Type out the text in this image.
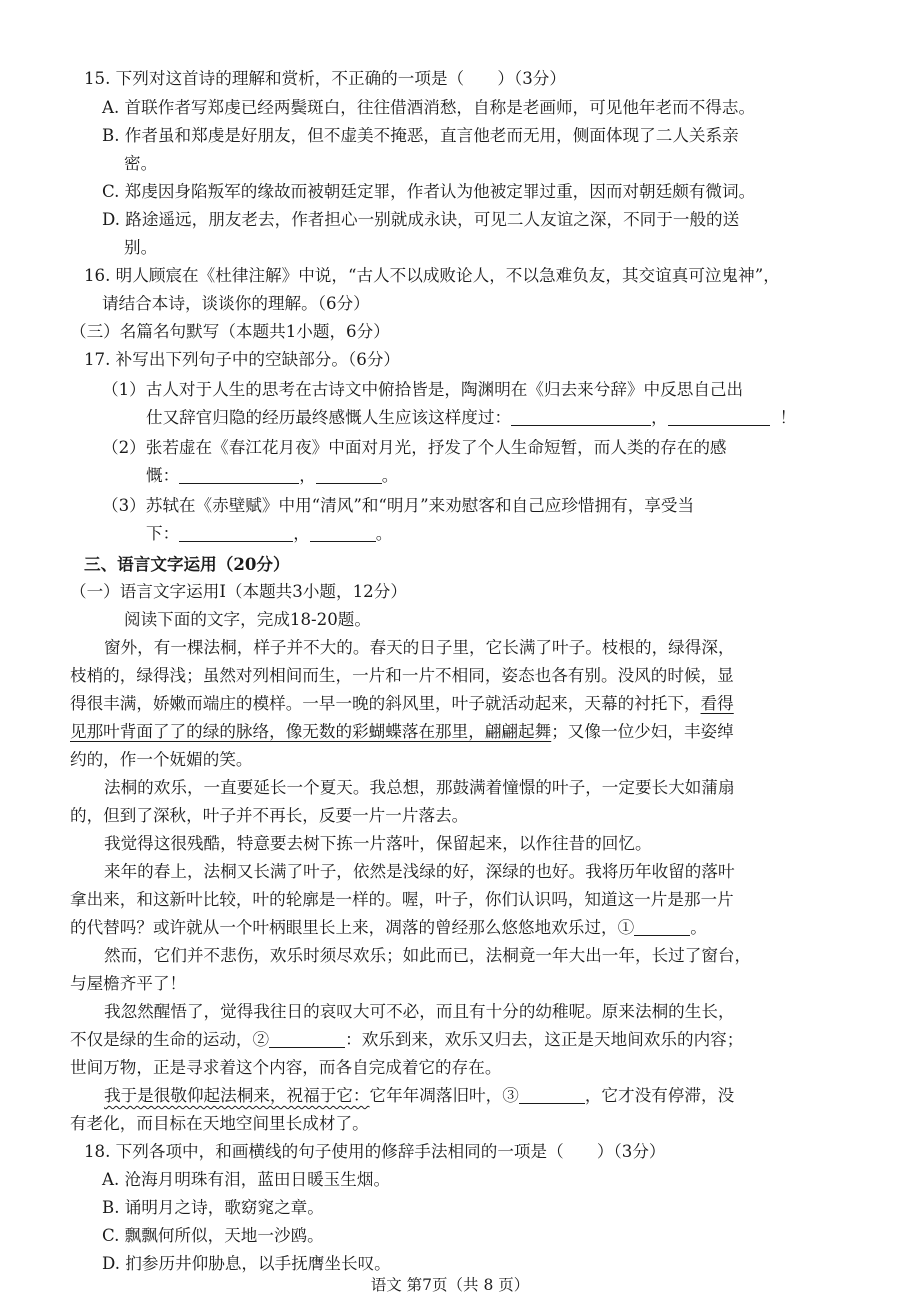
15. 下列对这首诗的理解和赏析，不正确的一项是（　　）（3分）
A. 首联作者写郑虔已经两鬓斑白，往往借酒消愁，自称是老画师，可见他年老而不得志。
B. 作者虽和郑虔是好朋友，但不虚美不掩恶，直言他老而无用，侧面体现了二人关系亲
密。
C. 郑虔因身陷叛军的缘故而被朝廷定罪，作者认为他被定罪过重，因而对朝廷颇有微词。
D. 路途遥远，朋友老去，作者担心一别就成永诀，可见二人友谊之深，不同于一般的送
别。
16. 明人顾宸在《杜律注解》中说，“古人不以成败论人，不以急难负友，其交谊真可泣鬼神”，
请结合本诗，谈谈你的理解。（6分）
（三）名篇名句默写（本题共1小题，6分）
17. 补写出下列句子中的空缺部分。（6分）
（1）古人对于人生的思考在古诗文中俯拾皆是，陶渊明在《归去来兮辞》中反思自己出
仕又辞官归隐的经历最终感慨人生应该这样度过：	，	！
（2）张若虚在《春江花月夜》中面对月光，抒发了个人生命短暂，而人类的存在的感
慨：	，	。
（3）苏轼在《赤壁赋》中用“清风”和“明月”来劝慰客和自己应珍惜拥有，享受当
下：	，	。
三、语言文字运用（20分）
（一）语言文字运用Ⅰ（本题共3小题，12分）
阅读下面的文字，完成18-20题。
窗外，有一棵法桐，样子并不大的。春天的日子里，它长满了叶子。枝根的，绿得深，
枝梢的，绿得浅；虽然对列相间而生，一片和一片不相同，姿态也各有别。没风的时候，显
得很丰满，娇嫩而端庄的模样。一早一晚的斜风里，叶子就活动起来，天幕的衬托下，看得
见那叶背面了了的绿的脉络，像无数的彩蝴蝶落在那里，翩翩起舞；又像一位少妇，丰姿绰
约的，作一个妩媚的笑。
法桐的欢乐，一直要延长一个夏天。我总想，那鼓满着憧憬的叶子，一定要长大如蒲扇
的，但到了深秋，叶子并不再长，反要一片一片落去。
我觉得这很残酷，特意要去树下拣一片落叶，保留起来，以作往昔的回忆。
来年的春上，法桐又长满了叶子，依然是浅绿的好，深绿的也好。我将历年收留的落叶
拿出来，和这新叶比较，叶的轮廓是一样的。喔，叶子，你们认识吗，知道这一片是那一片
的代替吗？或许就从一个叶柄眼里长上来，凋落的曾经那么悠悠地欢乐过，①	。
然而，它们并不悲伤，欢乐时须尽欢乐；如此而已，法桐竟一年大出一年，长过了窗台，
与屋檐齐平了！
我忽然醒悟了，觉得我往日的哀叹大可不必，而且有十分的幼稚呢。原来法桐的生长，
不仅是绿的生命的运动，②	：欢乐到来，欢乐又归去，这正是天地间欢乐的内容；
世间万物，正是寻求着这个内容，而各自完成着它的存在。
我于是很敬仰起法桐来，祝福于它：它年年凋落旧叶，③	，它才没有停滞，没
有老化，而目标在天地空间里长成材了。
18. 下列各项中，和画横线的句子使用的修辞手法相同的一项是（　　）（3分）
A. 沧海月明珠有泪，蓝田日暖玉生烟。
B. 诵明月之诗，歌窈窕之章。
C. 飘飘何所似，天地一沙鸥。
D. 扪参历井仰胁息，以手抚膺坐长叹。
语文 第7页（共 8 页）
